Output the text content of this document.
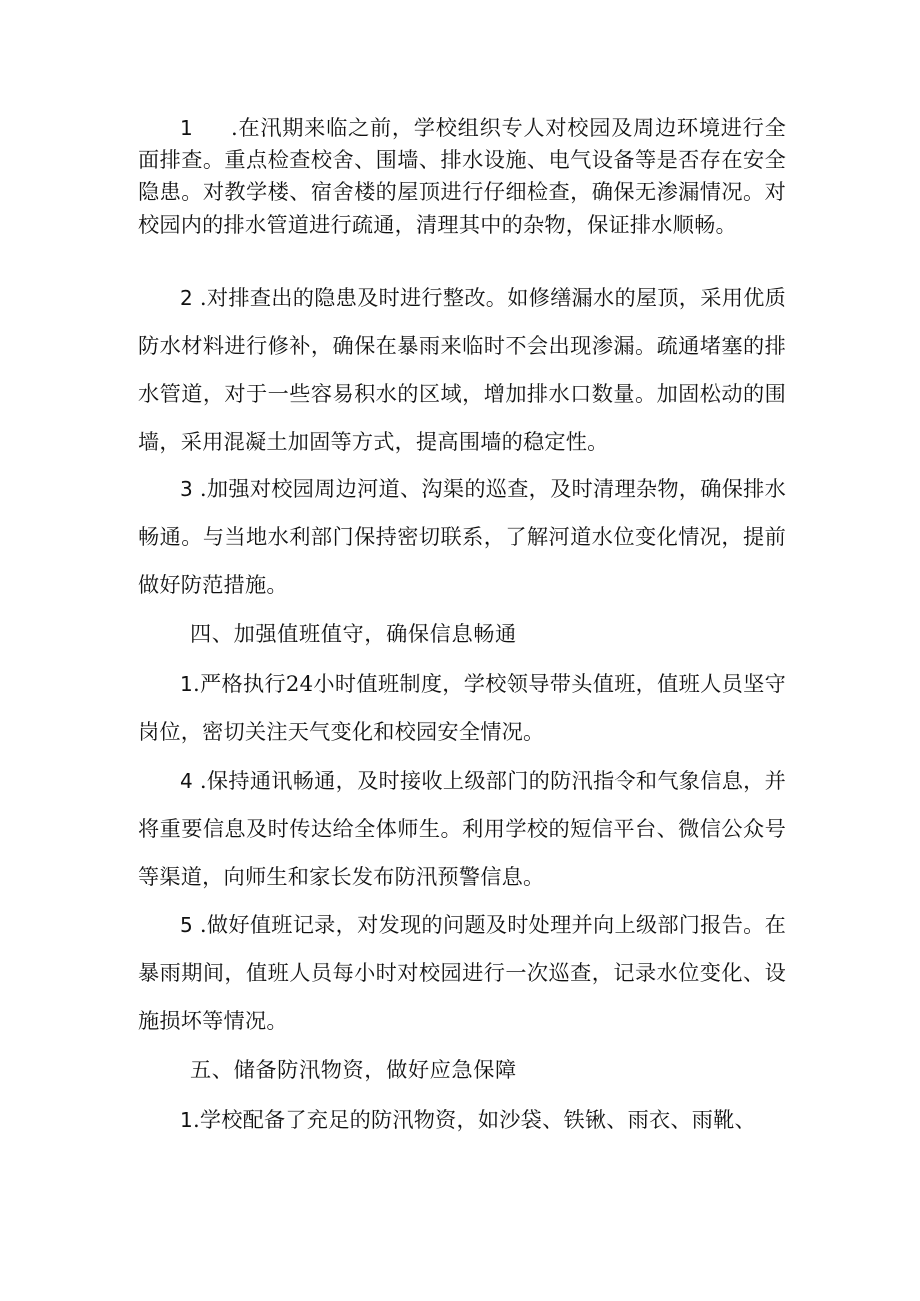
1 .在汛期来临之前，学校组织专人对校园及周边环境进行全面排查。重点检查校舍、围墙、排水设施、电气设备等是否存在安全隐患。对教学楼、宿舍楼的屋顶进行仔细检查，确保无渗漏情况。对校园内的排水管道进行疏通，清理其中的杂物，保证排水顺畅。

2 .对排查出的隐患及时进行整改。如修缮漏水的屋顶，采用优质防水材料进行修补，确保在暴雨来临时不会出现渗漏。疏通堵塞的排水管道，对于一些容易积水的区域，增加排水口数量。加固松动的围墙，采用混凝土加固等方式，提高围墙的稳定性。

3 .加强对校园周边河道、沟渠的巡查，及时清理杂物，确保排水畅通。与当地水利部门保持密切联系，了解河道水位变化情况，提前做好防范措施。

四、加强值班值守，确保信息畅通

1.严格执行24小时值班制度，学校领导带头值班，值班人员坚守岗位，密切关注天气变化和校园安全情况。

4 .保持通讯畅通，及时接收上级部门的防汛指令和气象信息，并将重要信息及时传达给全体师生。利用学校的短信平台、微信公众号等渠道，向师生和家长发布防汛预警信息。

5 .做好值班记录，对发现的问题及时处理并向上级部门报告。在暴雨期间，值班人员每小时对校园进行一次巡查，记录水位变化、设施损坏等情况。

五、储备防汛物资，做好应急保障

1.学校配备了充足的防汛物资，如沙袋、铁锹、雨衣、雨靴、
